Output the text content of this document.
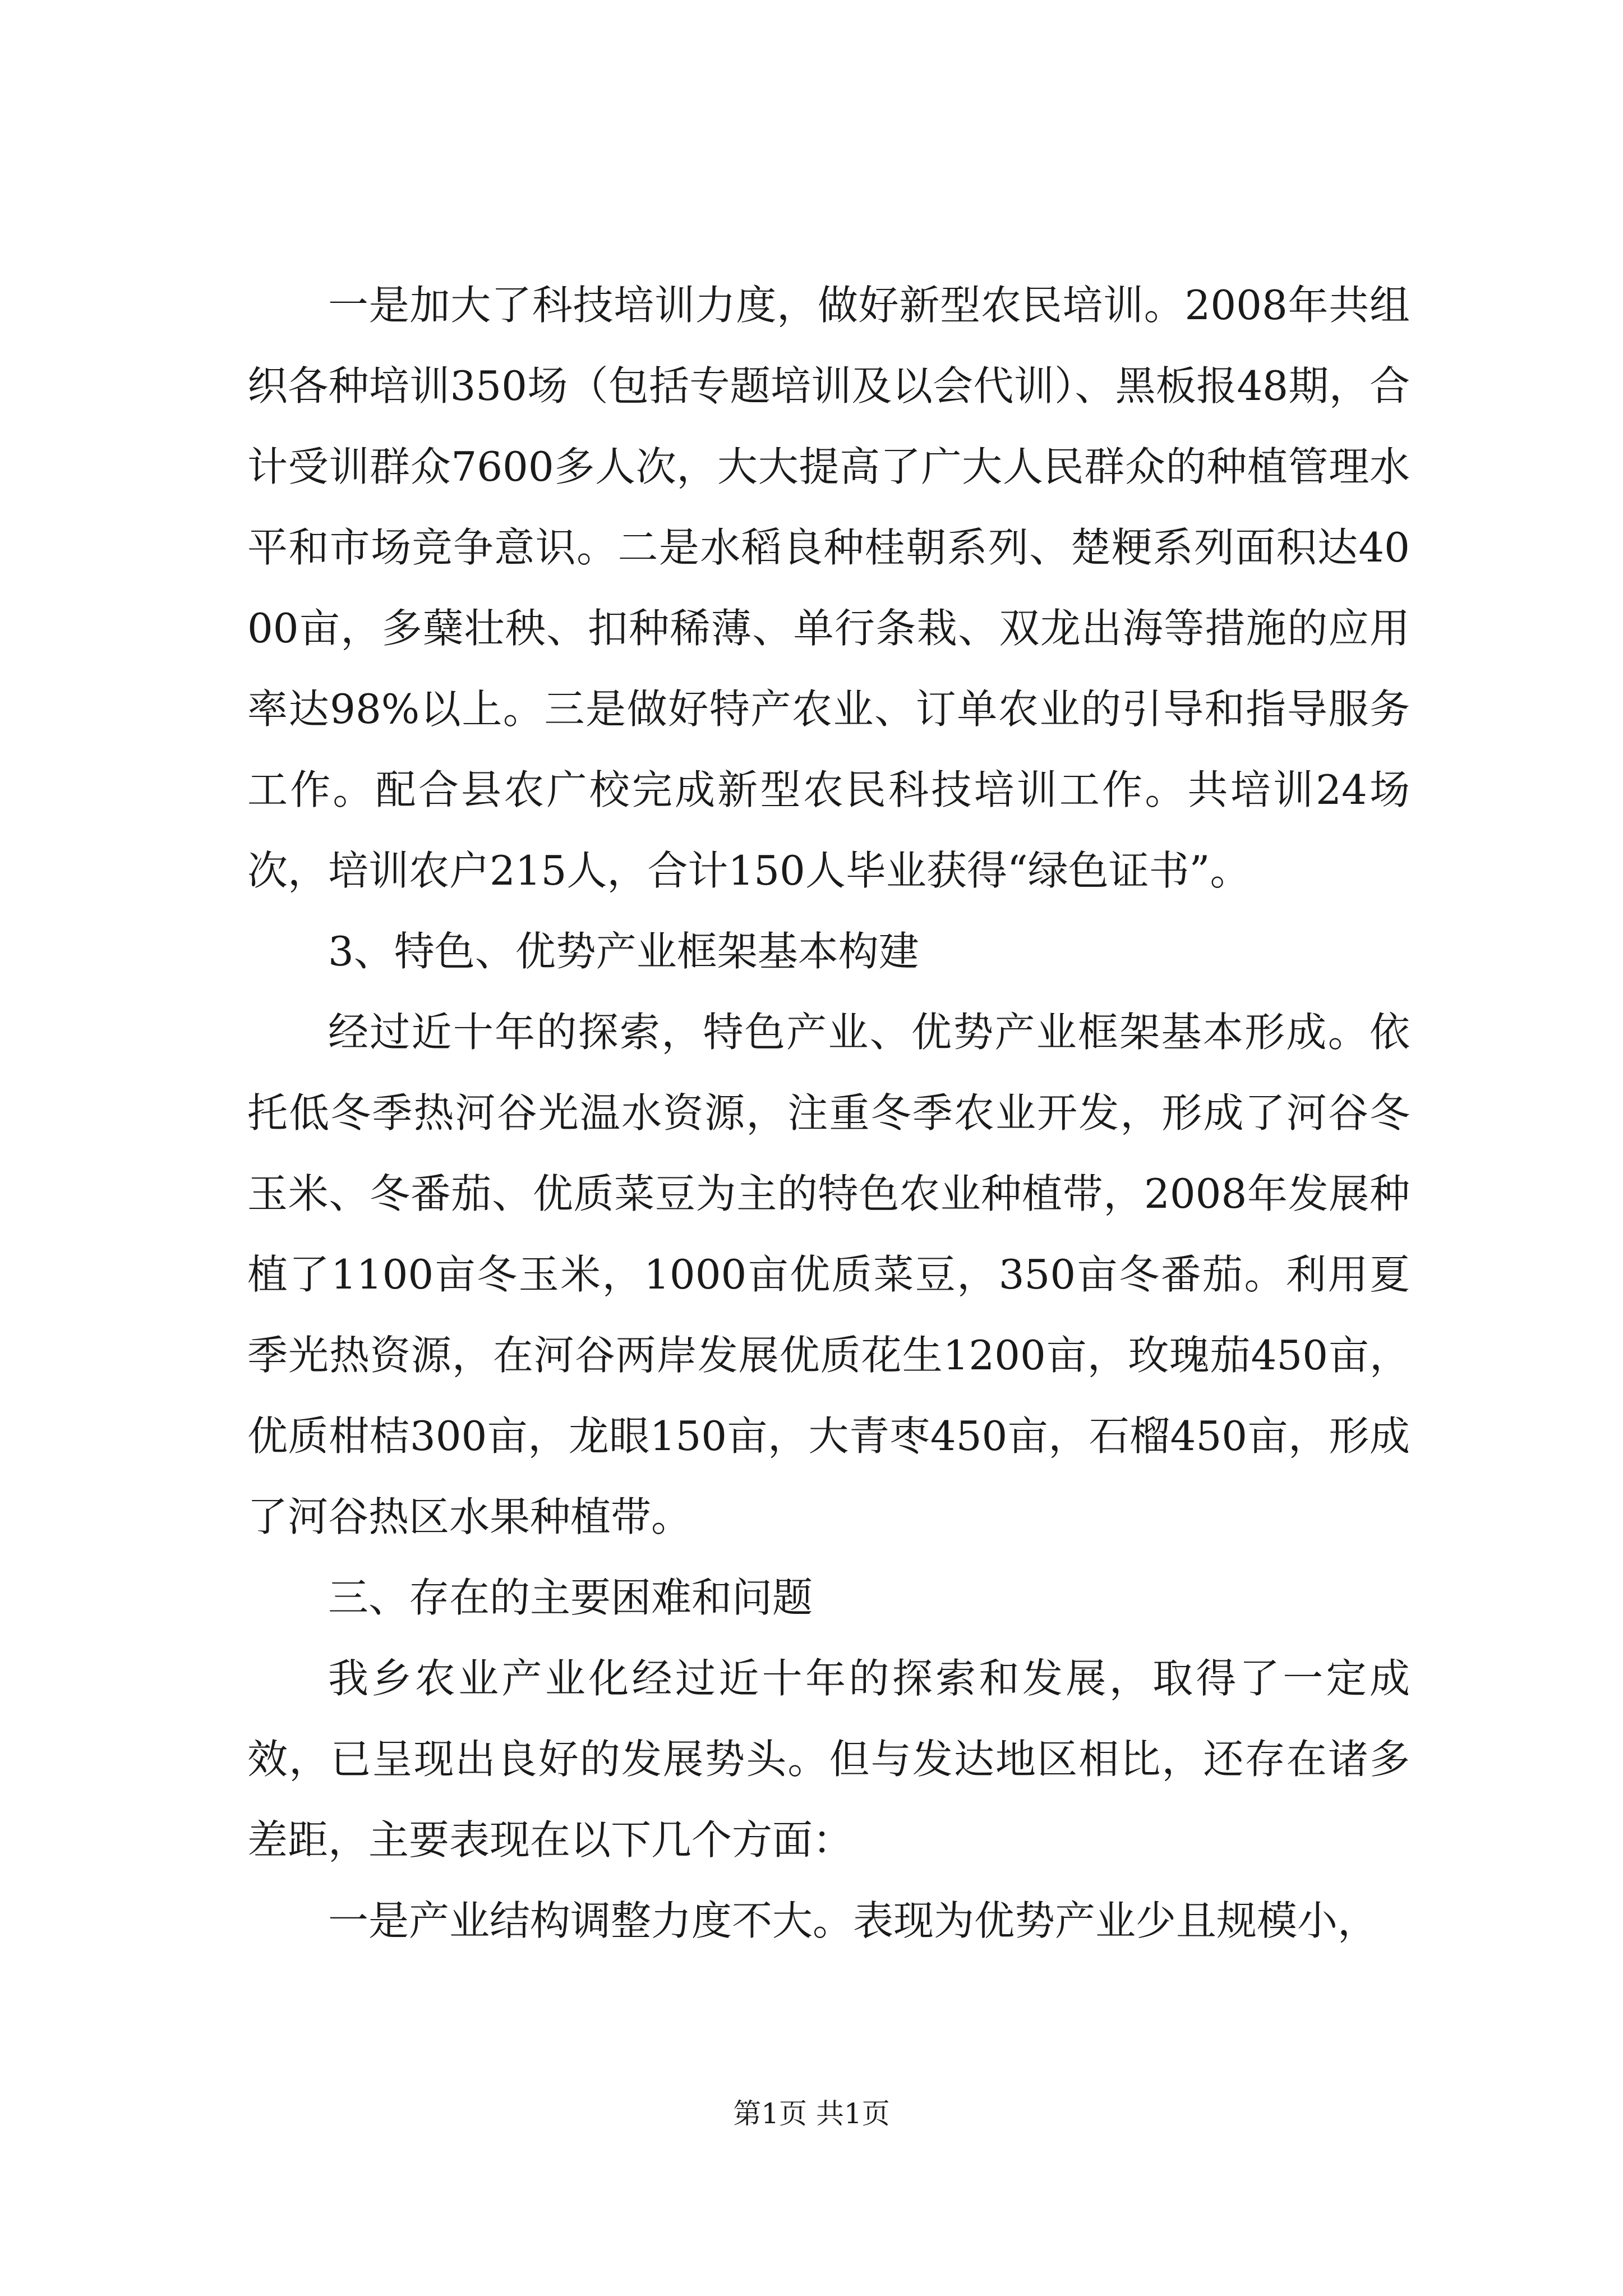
一是加大了科技培训力度，做好新型农民培训。2008年共组织各种培训350场（包括专题培训及以会代训）、黑板报48期，合计受训群众7600多人次，大大提高了广大人民群众的种植管理水平和市场竞争意识。二是水稻良种桂朝系列、楚粳系列面积达4000亩，多蘖壮秧、扣种稀薄、单行条栽、双龙出海等措施的应用率达98%以上。三是做好特产农业、订单农业的引导和指导服务工作。配合县农广校完成新型农民科技培训工作。共培训24场次，培训农户215人，合计150人毕业获得“绿色证书”。

3、特色、优势产业框架基本构建

经过近十年的探索，特色产业、优势产业框架基本形成。依托低冬季热河谷光温水资源，注重冬季农业开发，形成了河谷冬玉米、冬番茄、优质菜豆为主的特色农业种植带，2008年发展种植了1100亩冬玉米，1000亩优质菜豆，350亩冬番茄。利用夏季光热资源，在河谷两岸发展优质花生1200亩，玫瑰茄450亩，优质柑桔300亩，龙眼150亩，大青枣450亩，石榴450亩，形成了河谷热区水果种植带。

三、存在的主要困难和问题

我乡农业产业化经过近十年的探索和发展，取得了一定成效，已呈现出良好的发展势头。但与发达地区相比，还存在诸多差距，主要表现在以下几个方面：

一是产业结构调整力度不大。表现为优势产业少且规模小，

第1页 共1页
